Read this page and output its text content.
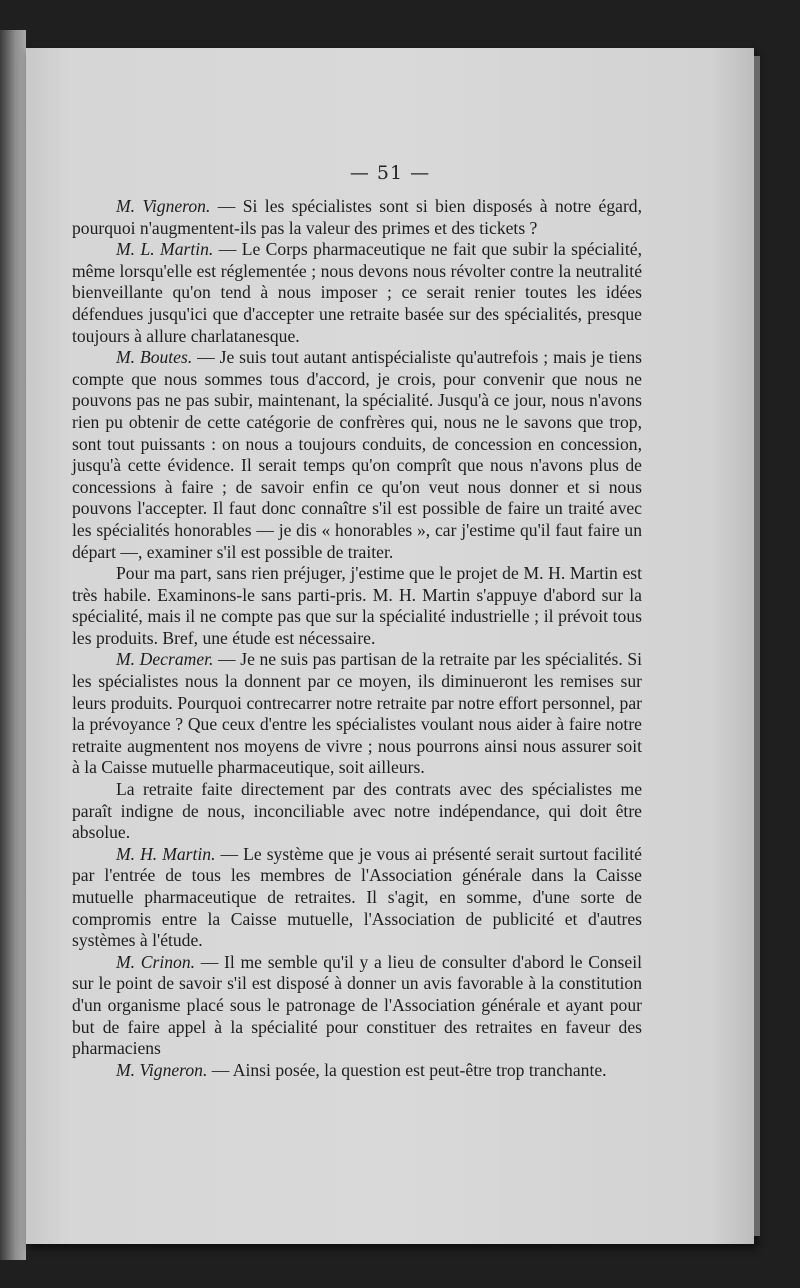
— 51 —

M. Vigneron. — Si les spécialistes sont si bien disposés à notre égard, pourquoi n'augmentent-ils pas la valeur des primes et des tickets ?

M. L. Martin. — Le Corps pharmaceutique ne fait que subir la spécialité, même lorsqu'elle est réglementée ; nous devons nous révolter contre la neutralité bienveillante qu'on tend à nous imposer ; ce serait renier toutes les idées défendues jusqu'ici que d'accepter une retraite basée sur des spécialités, presque toujours à allure charlatanesque.

M. Boutes. — Je suis tout autant antispécialiste qu'autrefois ; mais je tiens compte que nous sommes tous d'accord, je crois, pour convenir que nous ne pouvons pas ne pas subir, maintenant, la spécialité. Jusqu'à ce jour, nous n'avons rien pu obtenir de cette catégorie de confrères qui, nous ne le savons que trop, sont tout puissants : on nous a toujours conduits, de concession en concession, jusqu'à cette évidence. Il serait temps qu'on comprît que nous n'avons plus de concessions à faire ; de savoir enfin ce qu'on veut nous donner et si nous pouvons l'accepter. Il faut donc connaître s'il est possible de faire un traité avec les spécialités honorables — je dis « honorables », car j'estime qu'il faut faire un départ —, examiner s'il est possible de traiter.

Pour ma part, sans rien préjuger, j'estime que le projet de M. H. Martin est très habile. Examinons-le sans parti-pris. M. H. Martin s'appuye d'abord sur la spécialité, mais il ne compte pas que sur la spécialité industrielle ; il prévoit tous les produits. Bref, une étude est nécessaire.

M. Decramer. — Je ne suis pas partisan de la retraite par les spécialités. Si les spécialistes nous la donnent par ce moyen, ils diminueront les remises sur leurs produits. Pourquoi contrecarrer notre retraite par notre effort personnel, par la prévoyance ? Que ceux d'entre les spécialistes voulant nous aider à faire notre retraite augmentent nos moyens de vivre ; nous pourrons ainsi nous assurer soit à la Caisse mutuelle pharmaceutique, soit ailleurs.

La retraite faite directement par des contrats avec des spécialistes me paraît indigne de nous, inconciliable avec notre indépendance, qui doit être absolue.

M. H. Martin. — Le système que je vous ai présenté serait surtout facilité par l'entrée de tous les membres de l'Association générale dans la Caisse mutuelle pharmaceutique de retraites. Il s'agit, en somme, d'une sorte de compromis entre la Caisse mutuelle, l'Association de publicité et d'autres systèmes à l'étude.

M. Crinon. — Il me semble qu'il y a lieu de consulter d'abord le Conseil sur le point de savoir s'il est disposé à donner un avis favorable à la constitution d'un organisme placé sous le patronage de l'Association générale et ayant pour but de faire appel à la spécialité pour constituer des retraites en faveur des pharmaciens

M. Vigneron. — Ainsi posée, la question est peut-être trop tranchante.
